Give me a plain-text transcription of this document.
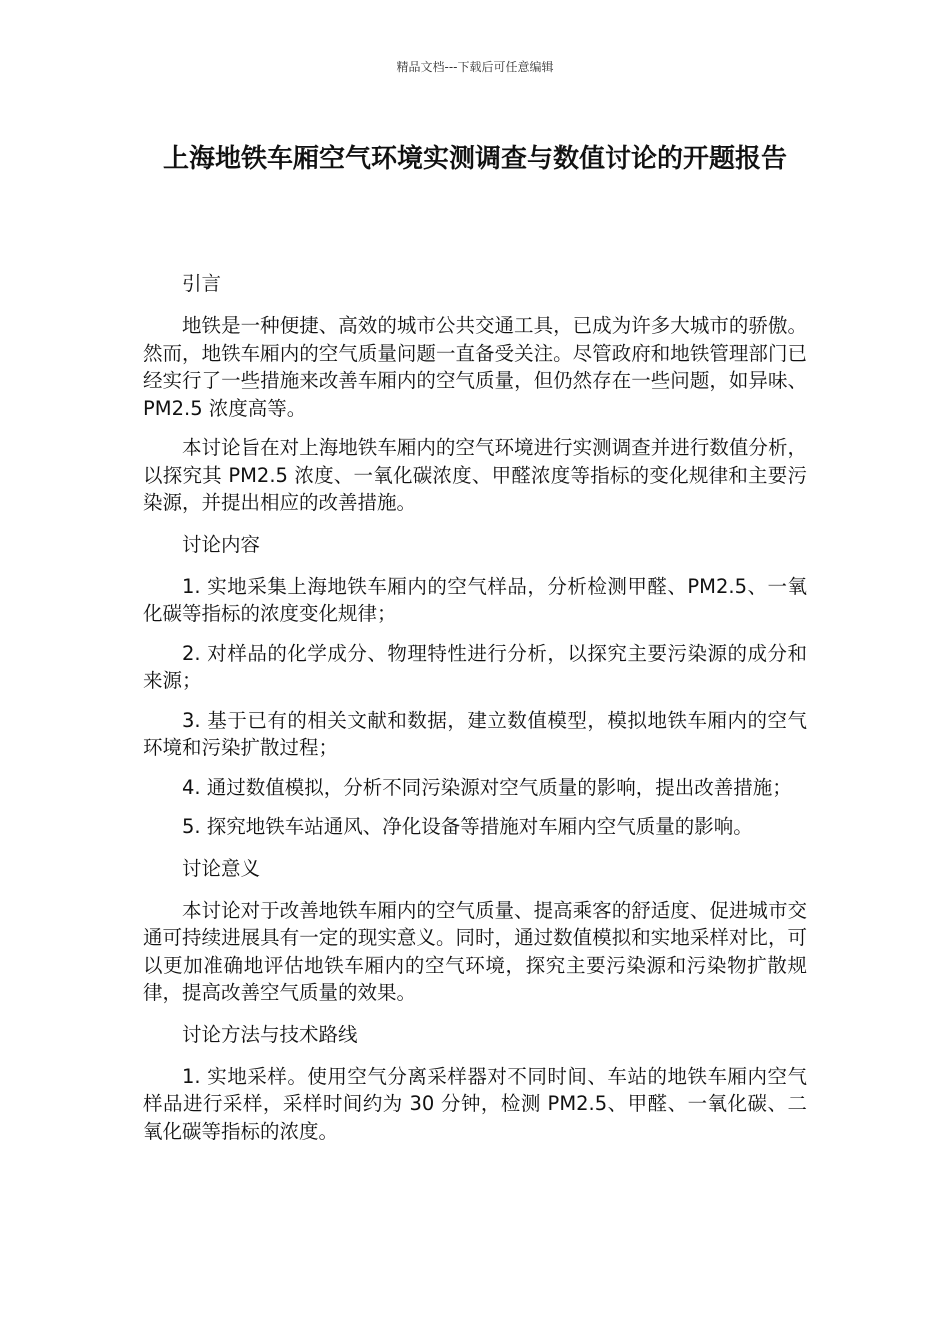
精品文档---下载后可任意编辑
上海地铁车厢空气环境实测调查与数值讨论的开题报告

引言

地铁是一种便捷、高效的城市公共交通工具，已成为许多大城市的骄傲。然而，地铁车厢内的空气质量问题一直备受关注。尽管政府和地铁管理部门已经实行了一些措施来改善车厢内的空气质量，但仍然存在一些问题，如异味、PM2.5 浓度高等。

本讨论旨在对上海地铁车厢内的空气环境进行实测调查并进行数值分析，以探究其 PM2.5 浓度、一氧化碳浓度、甲醛浓度等指标的变化规律和主要污染源，并提出相应的改善措施。

讨论内容

1. 实地采集上海地铁车厢内的空气样品，分析检测甲醛、PM2.5、一氧化碳等指标的浓度变化规律；

2. 对样品的化学成分、物理特性进行分析，以探究主要污染源的成分和来源；

3. 基于已有的相关文献和数据，建立数值模型，模拟地铁车厢内的空气环境和污染扩散过程；

4. 通过数值模拟，分析不同污染源对空气质量的影响，提出改善措施；

5. 探究地铁车站通风、净化设备等措施对车厢内空气质量的影响。

讨论意义

本讨论对于改善地铁车厢内的空气质量、提高乘客的舒适度、促进城市交通可持续进展具有一定的现实意义。同时，通过数值模拟和实地采样对比，可以更加准确地评估地铁车厢内的空气环境，探究主要污染源和污染物扩散规律，提高改善空气质量的效果。

讨论方法与技术路线

1. 实地采样。使用空气分离采样器对不同时间、车站的地铁车厢内空气样品进行采样，采样时间约为 30 分钟，检测 PM2.5、甲醛、一氧化碳、二氧化碳等指标的浓度。
